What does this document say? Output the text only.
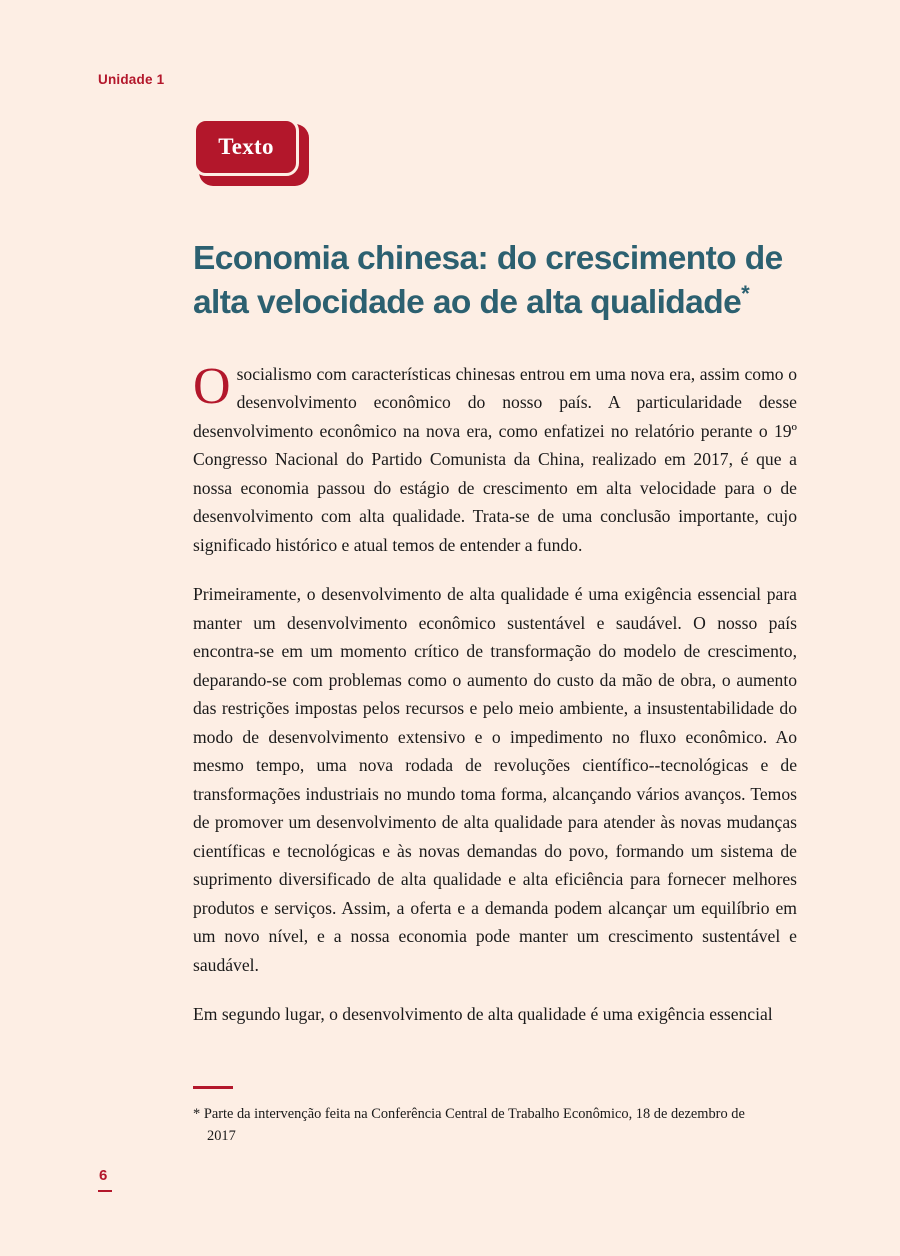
Unidade 1
Texto
Economia chinesa: do crescimento de alta velocidade ao de alta qualidade*

O socialismo com características chinesas entrou em uma nova era, assim como o desenvolvimento econômico do nosso país. A particularidade desse desenvolvimento econômico na nova era, como enfatizei no relatório perante o 19º Congresso Nacional do Partido Comunista da China, realizado em 2017, é que a nossa economia passou do estágio de crescimento em alta velocidade para o de desenvolvimento com alta qualidade. Trata-se de uma conclusão importante, cujo significado histórico e atual temos de entender a fundo.

Primeiramente, o desenvolvimento de alta qualidade é uma exigência essencial para manter um desenvolvimento econômico sustentável e saudável. O nosso país encontra-se em um momento crítico de transformação do modelo de crescimento, deparando-se com problemas como o aumento do custo da mão de obra, o aumento das restrições impostas pelos recursos e pelo meio ambiente, a insustentabilidade do modo de desenvolvimento extensivo e o impedimento no fluxo econômico. Ao mesmo tempo, uma nova rodada de revoluções científico--tecnológicas e de transformações industriais no mundo toma forma, alcançando vários avanços. Temos de promover um desenvolvimento de alta qualidade para atender às novas mudanças científicas e tecnológicas e às novas demandas do povo, formando um sistema de suprimento diversificado de alta qualidade e alta eficiência para fornecer melhores produtos e serviços. Assim, a oferta e a demanda podem alcançar um equilíbrio em um novo nível, e a nossa economia pode manter um crescimento sustentável e saudável.

Em segundo lugar, o desenvolvimento de alta qualidade é uma exigência essencial

* Parte da intervenção feita na Conferência Central de Trabalho Econômico, 18 de dezembro de
2017
6
